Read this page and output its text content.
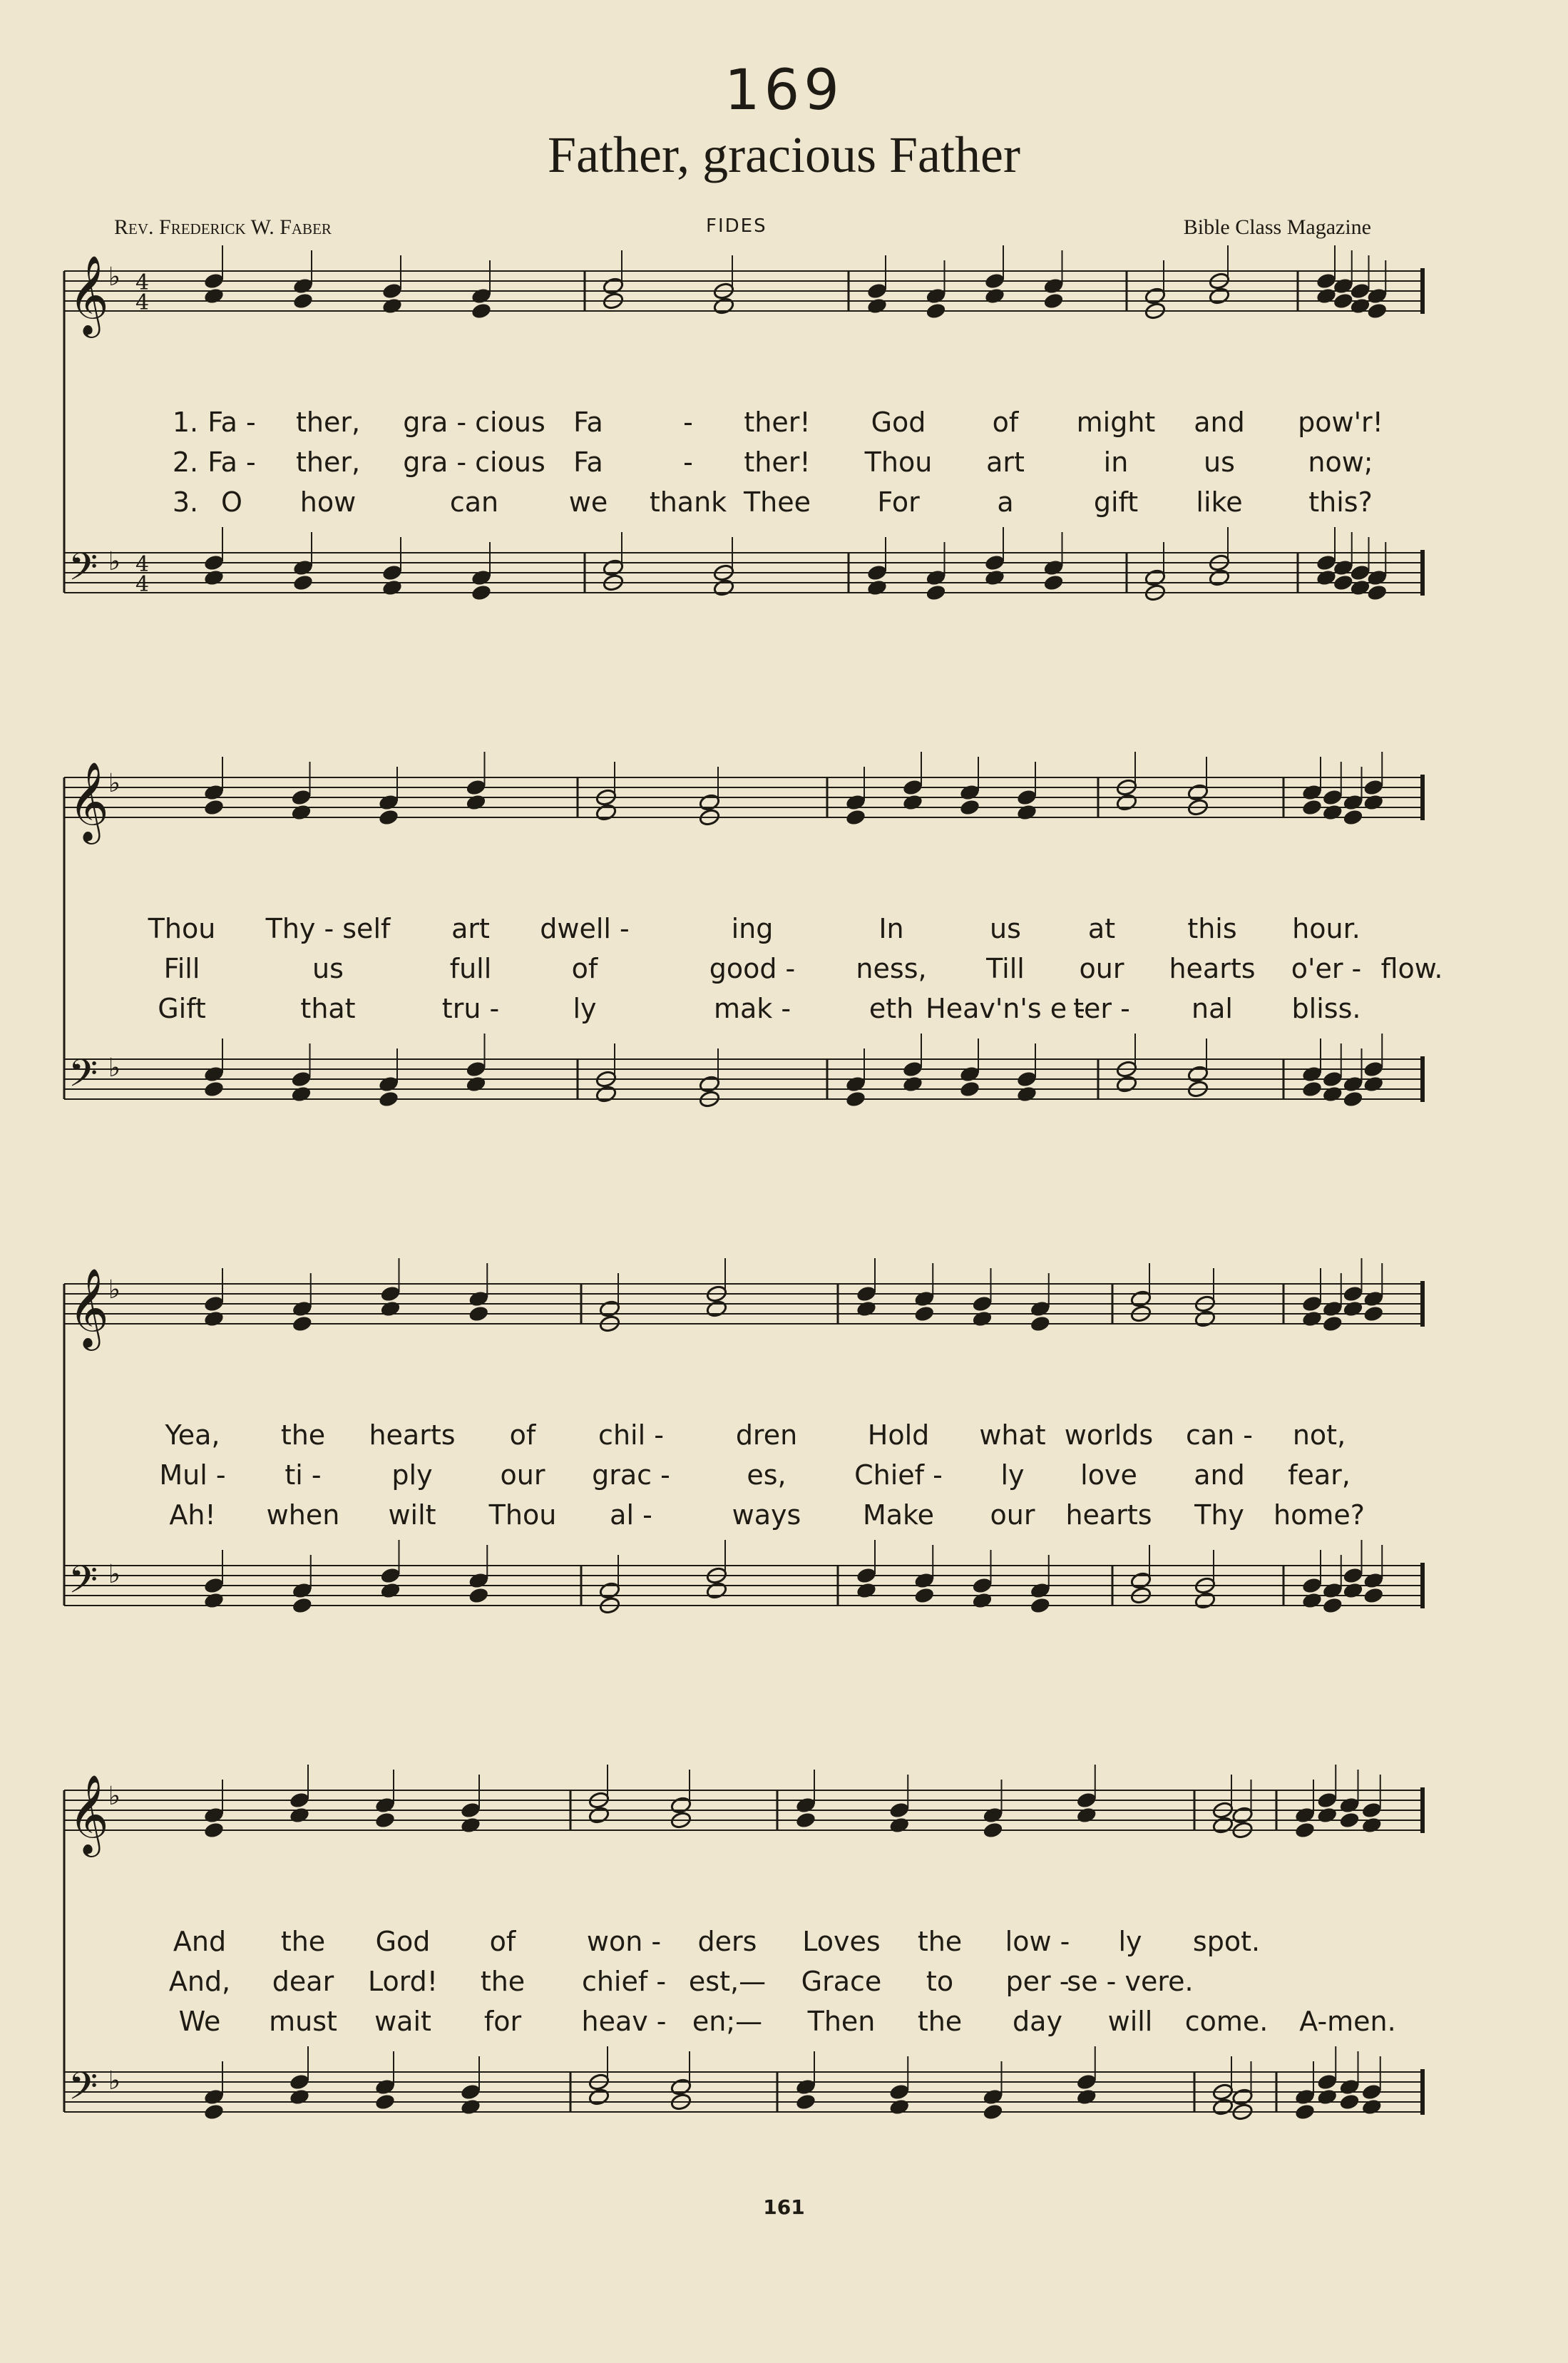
169
Father, gracious Father
Rev. Frederick W. Faber	FIDES	Bible Class Magazine
𝄞 ♭ 4
4
𝄢 ♭ 4
4
1. Fa - ther, gra - cious Fa	- ther! God of might and pow'r!
2. Fa - ther, gra - cious Fa	- ther! Thou art	in	us	now;
3. O how	can	we thank Thee For	a	gift like this?
𝄞 ♭
𝄢 ♭
Thou Thy - self art dwell -	ing	In	us at	this hour.
Fill	us	full	of	good - ness, Till our hearts o'er - flow.
Gift	that	tru -	ly	mak -	eth Heav'n's e -
ter - nal bliss.
𝄞 ♭
𝄢 ♭
Yea, the hearts of chil -	dren	Hold what worlds can - not,
Mul - ti -	ply our grac -	es,	Chief - ly love and fear,
Ah! when wilt Thou al -	ways Make our hearts Thy home?
𝄞 ♭
𝄢 ♭
And the God of	won - ders Loves the low - ly spot.
And, dear Lord! the chief - est,— Grace to per -
se - vere.
We must wait for heav - en;— Then the day will come. A-men.
161
